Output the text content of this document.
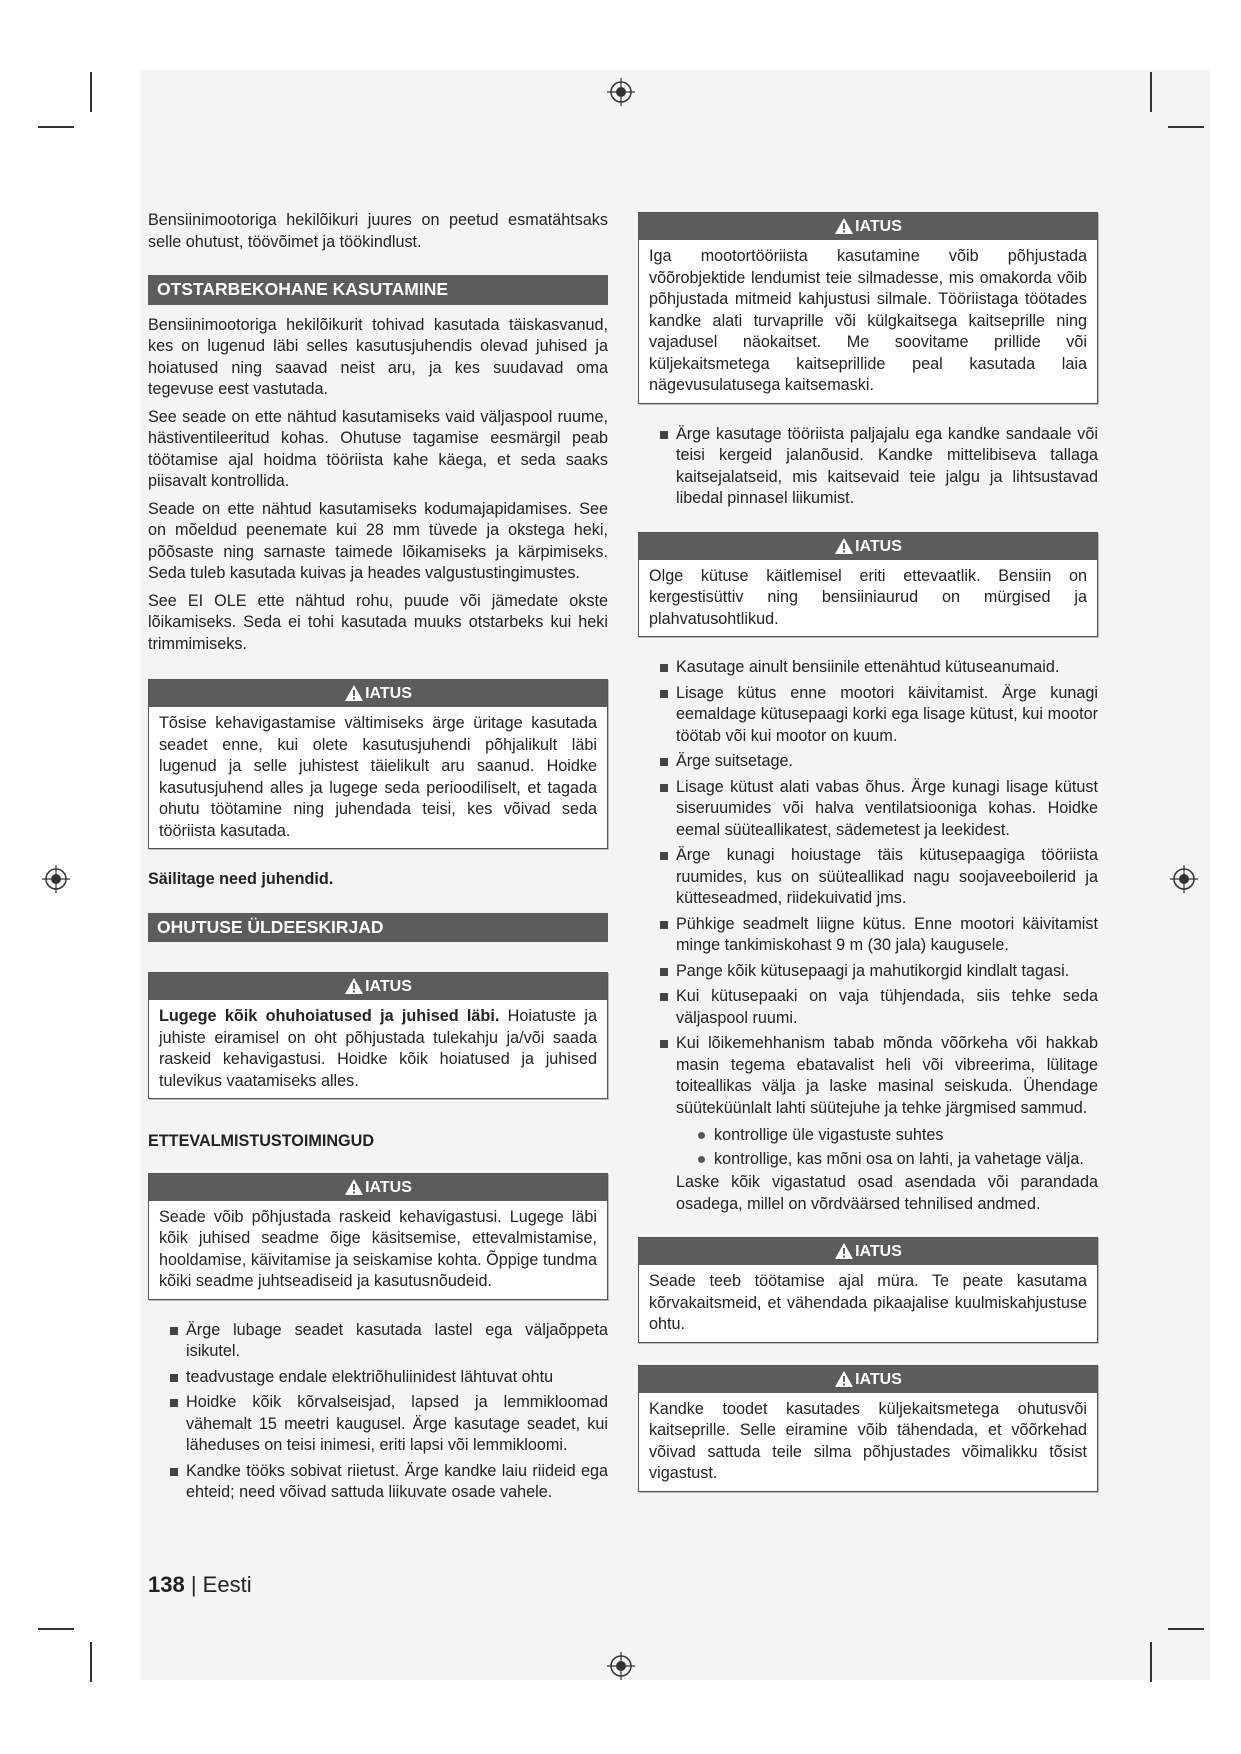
Bensiinimootoriga hekilõikuri juures on peetud esmatähtsaks selle ohutust, töövõimet ja töökindlust.

OTSTARBEKOHANE KASUTAMINE

Bensiinimootoriga hekilõikurit tohivad kasutada täiskasvanud, kes on lugenud läbi selles kasutusjuhendis olevad juhised ja hoiatused ning saavad neist aru, ja kes suudavad oma tegevuse eest vastutada.

See seade on ette nähtud kasutamiseks vaid väljaspool ruume, hästiventileeritud kohas. Ohutuse tagamise eesmärgil peab töötamise ajal hoidma tööriista kahe käega, et seda saaks piisavalt kontrollida.

Seade on ette nähtud kasutamiseks kodumajapidamises. See on mõeldud peenemate kui 28 mm tüvede ja okstega heki, põõsaste ning sarnaste taimede lõikamiseks ja kärpimiseks. Seda tuleb kasutada kuivas ja heades valgustustingimustes.

See EI OLE ette nähtud rohu, puude või jämedate okste lõikamiseks. Seda ei tohi kasutada muuks otstarbeks kui heki trimmimiseks.

IATUS
Tõsise kehavigastamise vältimiseks ärge üritage kasutada seadet enne, kui olete kasutusjuhendi põhjalikult läbi lugenud ja selle juhistest täielikult aru saanud. Hoidke kasutusjuhend alles ja lugege seda perioodiliselt, et tagada ohutu töötamine ning juhendada teisi, kes võivad seda tööriista kasutada.
Säilitage need juhendid.
OHUTUSE ÜLDEESKIRJAD
IATUS
Lugege kõik ohuhoiatused ja juhised läbi. Hoiatuste ja juhiste eiramisel on oht põhjustada tulekahju ja/või saada raskeid kehavigastusi. Hoidke kõik hoiatused ja juhised tulevikus vaatamiseks alles.
ETTEVALMISTUSTOIMINGUD
IATUS
Seade võib põhjustada raskeid kehavigastusi. Lugege läbi kõik juhised seadme õige käsitsemise, ettevalmistamise, hooldamise, käivitamise ja seiskamise kohta. Õppige tundma kõiki seadme juhtseadiseid ja kasutusnõudeid.
Ärge lubage seadet kasutada lastel ega väljaõppeta isikutel.
teadvustage endale elektriõhuliinidest lähtuvat ohtu
Hoidke kõik kõrvalseisjad, lapsed ja lemmikloomad vähemalt 15 meetri kaugusel. Ärge kasutage seadet, kui läheduses on teisi inimesi, eriti lapsi või lemmikloomi.
Kandke tööks sobivat riietust. Ärge kandke laiu riideid ega ehteid; need võivad sattuda liikuvate osade vahele.
IATUS
Iga mootortööriista kasutamine võib põhjustada võõrobjektide lendumist teie silmadesse, mis omakorda võib põhjustada mitmeid kahjustusi silmale. Tööriistaga töötades kandke alati turvaprille või külgkaitsega kaitseprille ning vajadusel näokaitset. Me soovitame prillide või küljekaitsmetega kaitseprillide peal kasutada laia nägevusulatusega kaitsemaski.
Ärge kasutage tööriista paljajalu ega kandke sandaale või teisi kergeid jalanõusid. Kandke mittelibiseva tallaga kaitsejalatseid, mis kaitsevaid teie jalgu ja lihtsustavad libedal pinnasel liikumist.
IATUS
Olge kütuse käitlemisel eriti ettevaatlik. Bensiin on kergestisüttiv ning bensiiniaurud on mürgised ja plahvatusohtlikud.
Kasutage ainult bensiinile ettenähtud kütuseanumaid.
Lisage kütus enne mootori käivitamist. Ärge kunagi eemaldage kütusepaagi korki ega lisage kütust, kui mootor töötab või kui mootor on kuum.
Ärge suitsetage.
Lisage kütust alati vabas õhus. Ärge kunagi lisage kütust siseruumides või halva ventilatsiooniga kohas. Hoidke eemal süüteallikatest, sädemetest ja leekidest.
Ärge kunagi hoiustage täis kütusepaagiga tööriista ruumides, kus on süüteallikad nagu soojaveeboilerid ja kütteseadmed, riidekuivatid jms.
Pühkige seadmelt liigne kütus. Enne mootori käivitamist minge tankimiskohast 9 m (30 jala) kaugusele.
Pange kõik kütusepaagi ja mahutikorgid kindlalt tagasi.
Kui kütusepaaki on vaja tühjendada, siis tehke seda väljaspool ruumi.
Kui lõikemehhanism tabab mõnda võõrkeha või hakkab masin tegema ebatavalist heli või vibreerima, lülitage toiteallikas välja ja laske masinal seiskuda. Ühendage süüteküünlalt lahti süütejuhe ja tehke järgmised sammud.
kontrollige üle vigastuste suhtes
kontrollige, kas mõni osa on lahti, ja vahetage välja.

Laske kõik vigastatud osad asendada või parandada osadega, millel on võrdväärsed tehnilised andmed.

IATUS
Seade teeb töötamise ajal müra. Te peate kasutama kõrvakaitsmeid, et vähendada pikaajalise kuulmiskahjustuse ohtu.
IATUS
Kandke toodet kasutades küljekaitsmetega ohutusvõi kaitseprille. Selle eiramine võib tähendada, et võõrkehad võivad sattuda teile silma põhjustades võimalikku tõsist vigastust.
138 | Eesti
